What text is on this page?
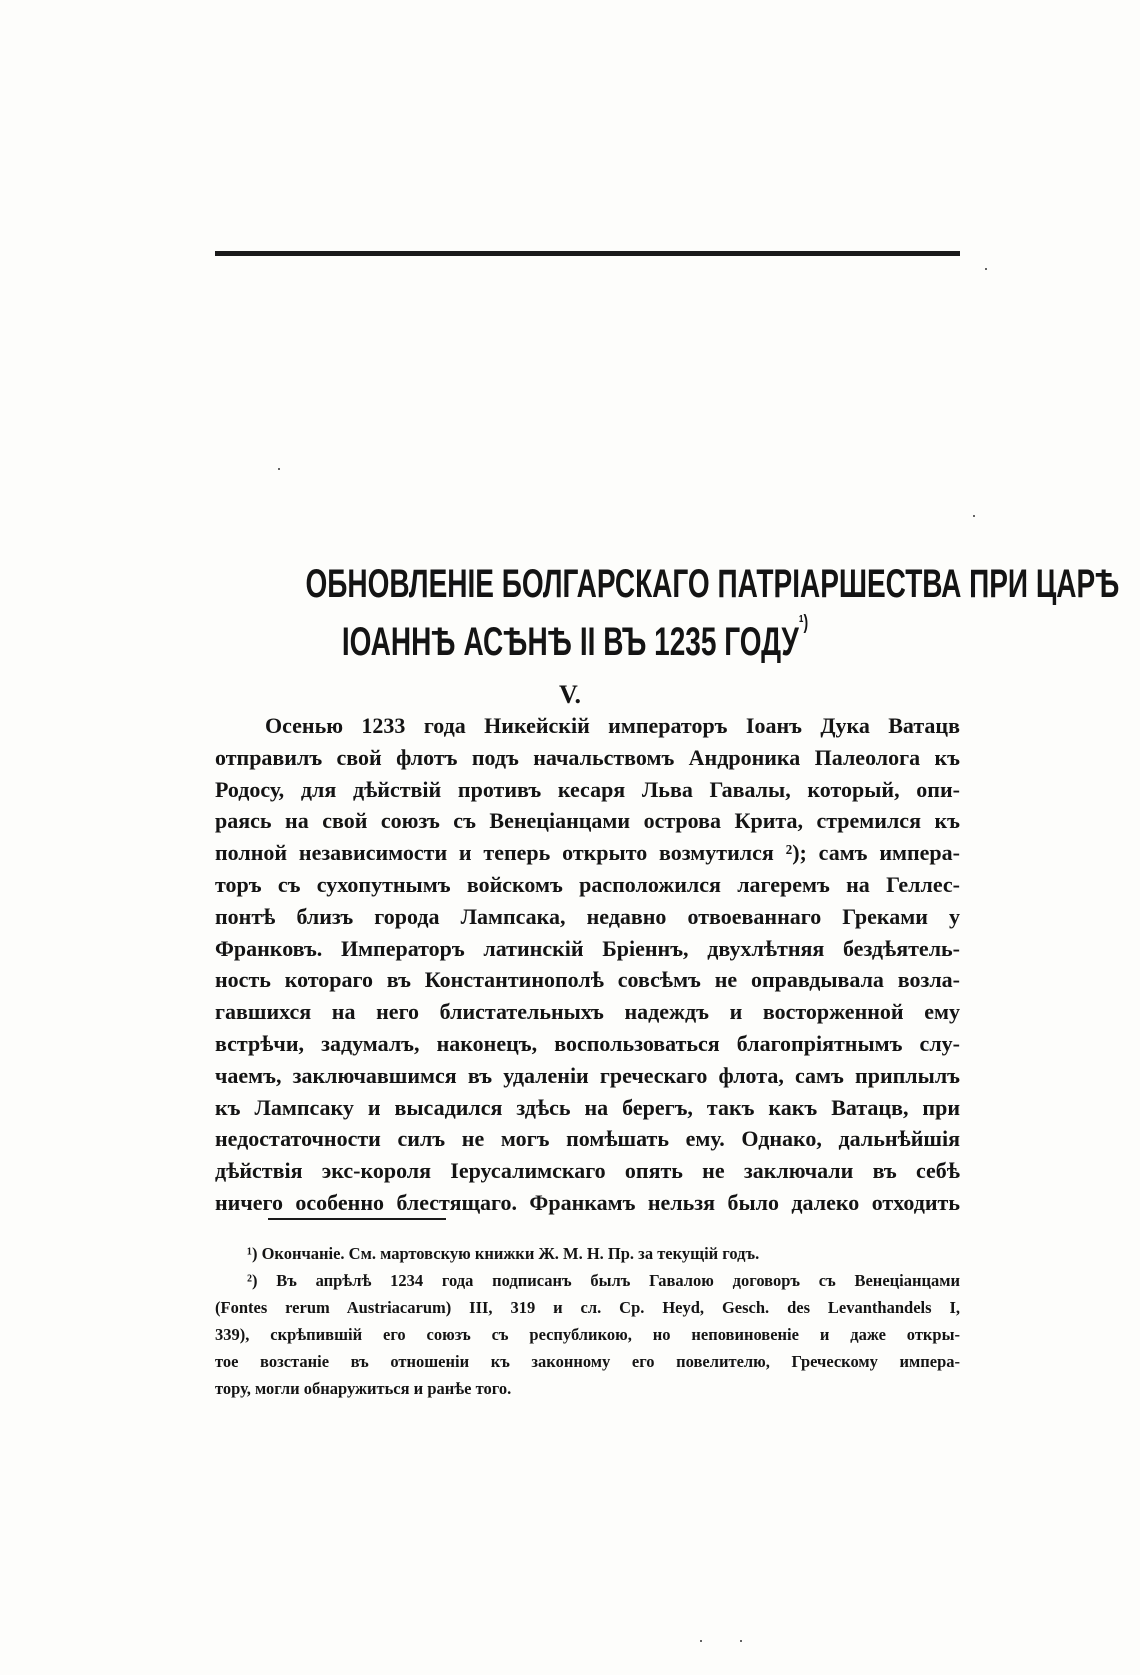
ОБНОВЛЕНІЕ БОЛГАРСКАГО ПАТРІАРШЕСТВА ПРИ ЦАРѢ
ІОАННѢ АСѢНѢ II ВЪ 1235 $ГОДУ^{^1)}$
V.
Осенью 1233 года Никейскій императоръ Іоанъ Дука Ватацв
отправилъ свой флотъ подъ начальствомъ Андроника Палеолога къ
Родосу, для дѣйствій противъ кесаря Льва Гавалы, который, опи-
раясь на свой союзъ съ Венеціанцами острова Крита, стремился къ
полной независимости и теперь открыто возмутился ²); самъ импера-
торъ съ сухопутнымъ войскомъ расположился лагеремъ на Геллес-
понтѣ близъ города Лампсака, недавно отвоеваннаго Греками у
Франковъ. Императоръ латинскій Бріеннъ, двухлѣтняя бездѣятель-
ность котораго въ Константинополѣ совсѣмъ не оправдывала возла-
гавшихся на него блистательныхъ надеждъ и восторженной ему
встрѣчи, задумалъ, наконецъ, воспользоваться благопріятнымъ слу-
чаемъ, заключавшимся въ удаленіи греческаго флота, самъ приплылъ
къ Лампсаку и высадился здѣсь на берегъ, такъ какъ Ватацв, при
недостаточности силъ не могъ помѣшать ему. Однако, дальнѣйшія
дѣйствія экс-короля Іерусалимскаго опять не заключали въ себѣ
ничего особенно блестящаго. Франкамъ нельзя было далеко отходить
¹) Окончаніе. См. мартовскую книжки Ж. М. Н. Пр. за текущій годъ.
²) Въ апрѣлѣ 1234 года подписанъ былъ Гавалою договоръ съ Венеціанцами
(Fontes rerum Austriacarum) III, 319 и сл. Ср. Heyd, Gesch. des Levanthandels I,
339), скрѣпившій его союзъ съ республикою, но неповиновеніе и даже откры-
тое возстаніе въ отношеніи къ законному его повелителю, Греческому импера-
тору, могли обнаружиться и ранѣе того.
